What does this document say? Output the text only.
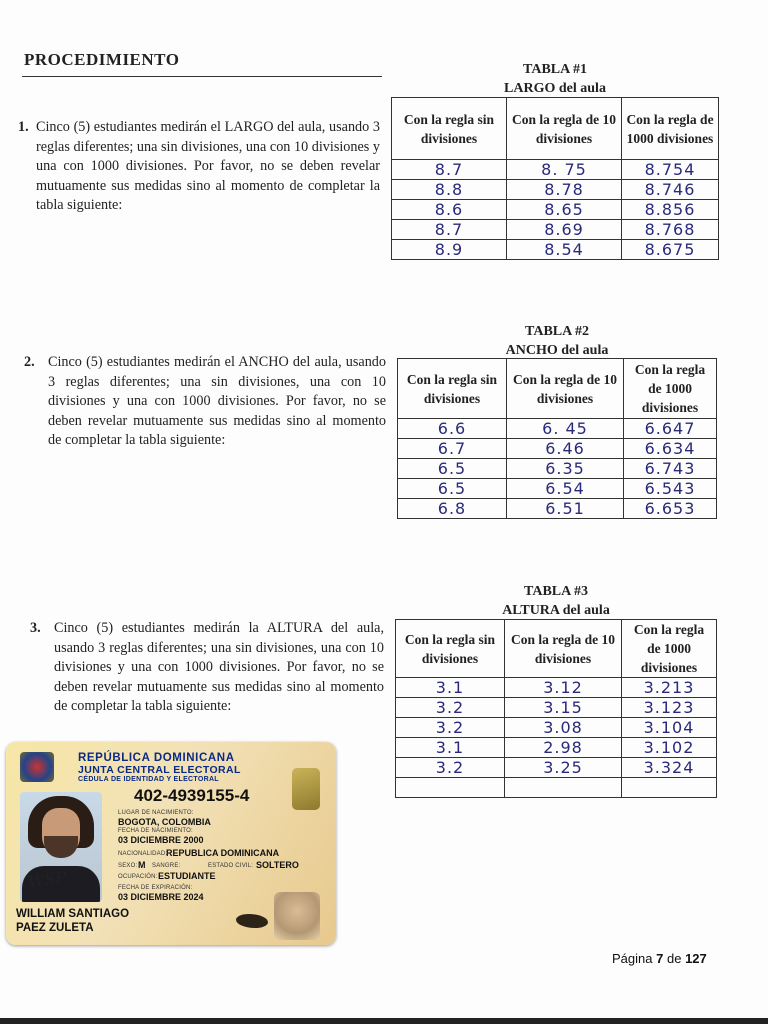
PROCEDIMIENTO
1. Cinco (5) estudiantes medirán el LARGO del aula, usando 3 reglas diferentes; una sin divisiones, una con 10 divisiones y una con 1000 divisiones. Por favor, no se deben revelar mutuamente sus medidas sino al momento de completar la tabla siguiente:
TABLA #1
LARGO del aula
Con la regla sin divisiones	Con la regla de 10 divisiones	Con la regla de 1000 divisiones
8.7	8. 75	8.754
8.8	8.78	8.746
8.6	8.65	8.856
8.7	8.69	8.768
8.9	8.54	8.675
2. Cinco (5) estudiantes medirán el ANCHO del aula, usando 3 reglas diferentes; una sin divisiones, una con 10 divisiones y una con 1000 divisiones. Por favor, no se deben revelar mutuamente sus medidas sino al momento de completar la tabla siguiente:
TABLA #2
ANCHO del aula
Con la regla sin divisiones	Con la regla de 10 divisiones	Con la regla de 1000 divisiones
6.6	6. 45	6.647
6.7	6.46	6.634
6.5	6.35	6.743
6.5	6.54	6.543
6.8	6.51	6.653
3. Cinco (5) estudiantes medirán la ALTURA del aula, usando 3 reglas diferentes; una sin divisiones, una con 10 divisiones y una con 1000 divisiones. Por favor, no se deben revelar mutuamente sus medidas sino al momento de completar la tabla siguiente:
TABLA #3
ALTURA del aula
Con la regla sin divisiones	Con la regla de 10 divisiones	Con la regla de 1000 divisiones
3.1	3.12	3.213
3.2	3.15	3.123
3.2	3.08	3.104
3.1	2.98	3.102
3.2	3.25	3.324

REPÚBLICA DOMINICANA
JUNTA CENTRAL ELECTORAL
CÉDULA DE IDENTIDAD Y ELECTORAL
402-4939155-4
WSP
LUGAR DE NACIMIENTO:
BOGOTA, COLOMBIA
FECHA DE NACIMIENTO:
03 DICIEMBRE 2000
NACIONALIDAD:
REPUBLICA DOMINICANA
SEXO: M SANGRE:	ESTADO CIVIL: SOLTERO
OCUPACIÓN: ESTUDIANTE
FECHA DE EXPIRACIÓN:
03 DICIEMBRE 2024
WILLIAM SANTIAGO
PAEZ ZULETA
Página 7 de 127
